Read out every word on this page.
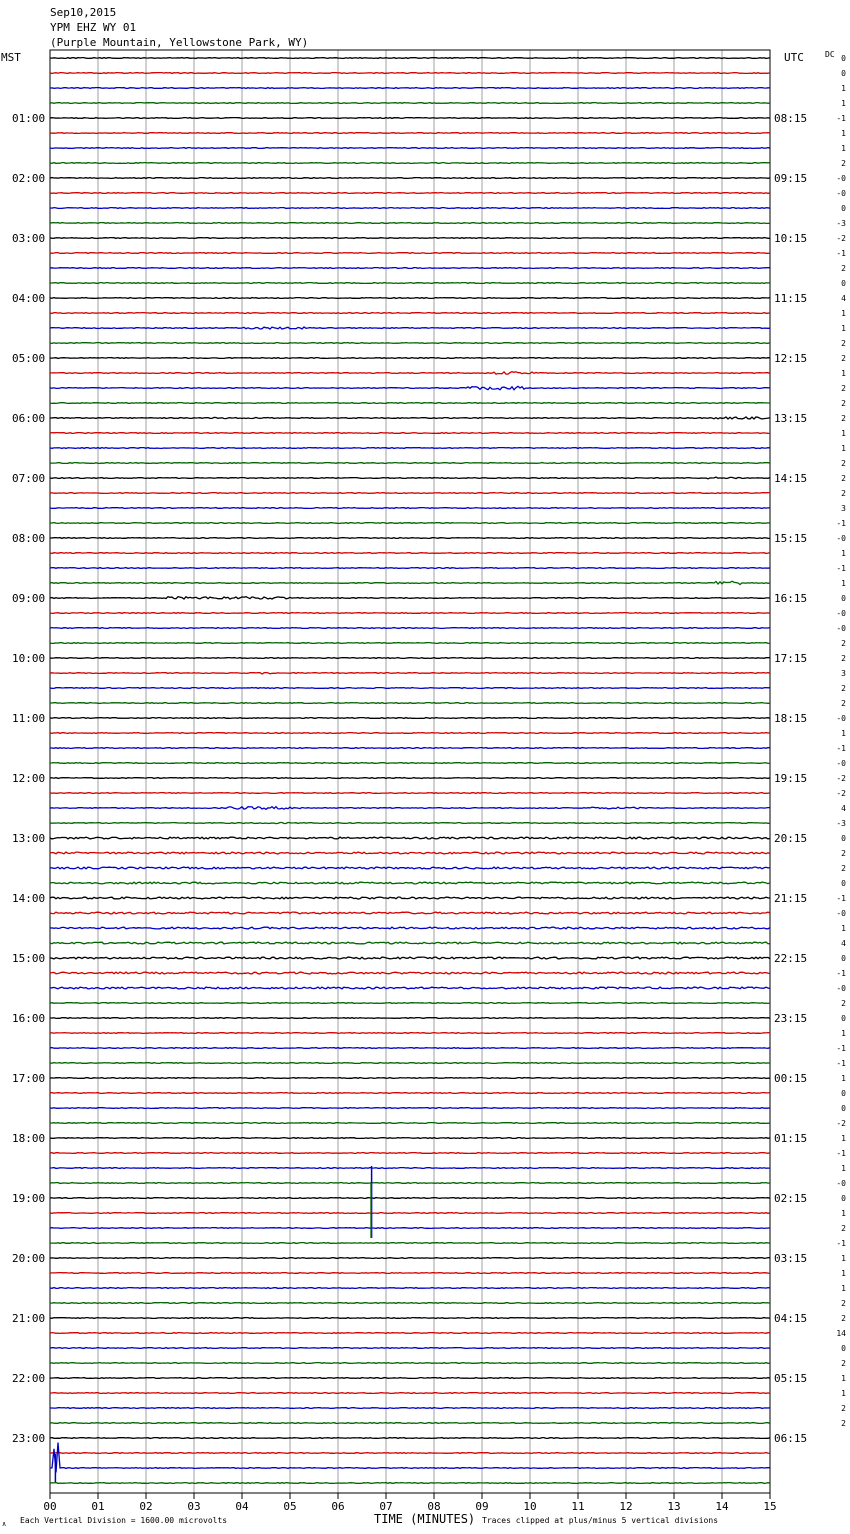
Sep10,2015
YPM EHZ WY 01
(Purple Mountain, Yellowstone Park, WY)
MST	UTC	DC
Each Vertical Division = 1600.00 microvolts	TIME (MINUTES) Traces clipped at plus/minus 5 vertical divisions
∧
01:00
02:00
03:00
04:00
05:00
06:00
07:00
08:00
09:00
10:00
11:00
12:00
13:00
14:00
15:00
16:00
17:00
18:00
19:00
20:00
21:00
22:00
23:00
08:15
09:15
10:15
11:15
12:15
13:15
14:15
15:15
16:15
17:15
18:15
19:15
20:15
21:15
22:15
23:15
00:15
01:15
02:15
03:15
04:15
05:15
06:15
0
0
1
1
-1
1
1
2
-0
-0
0
-3
-2
-1
2
0
4
1
1
2
2
1
2
2
2
1
1
2
2
2
3
-1
-0
1
-1
1
0
-0
-0
2
2
3
2
2
-0
1
-1
-0
-2
-2
4
-3
0
2
2
0
-1
-0
1
4
0
-1
-0
2
0
1
-1
-1
1
0
0
-2
1
-1
1
-0
0
1
2
-1
1
1
1
2
2
14
0
2
1
1
2
2
00	01	02	03	04	05	06	07	08	09	10	11	12	13	14	15
